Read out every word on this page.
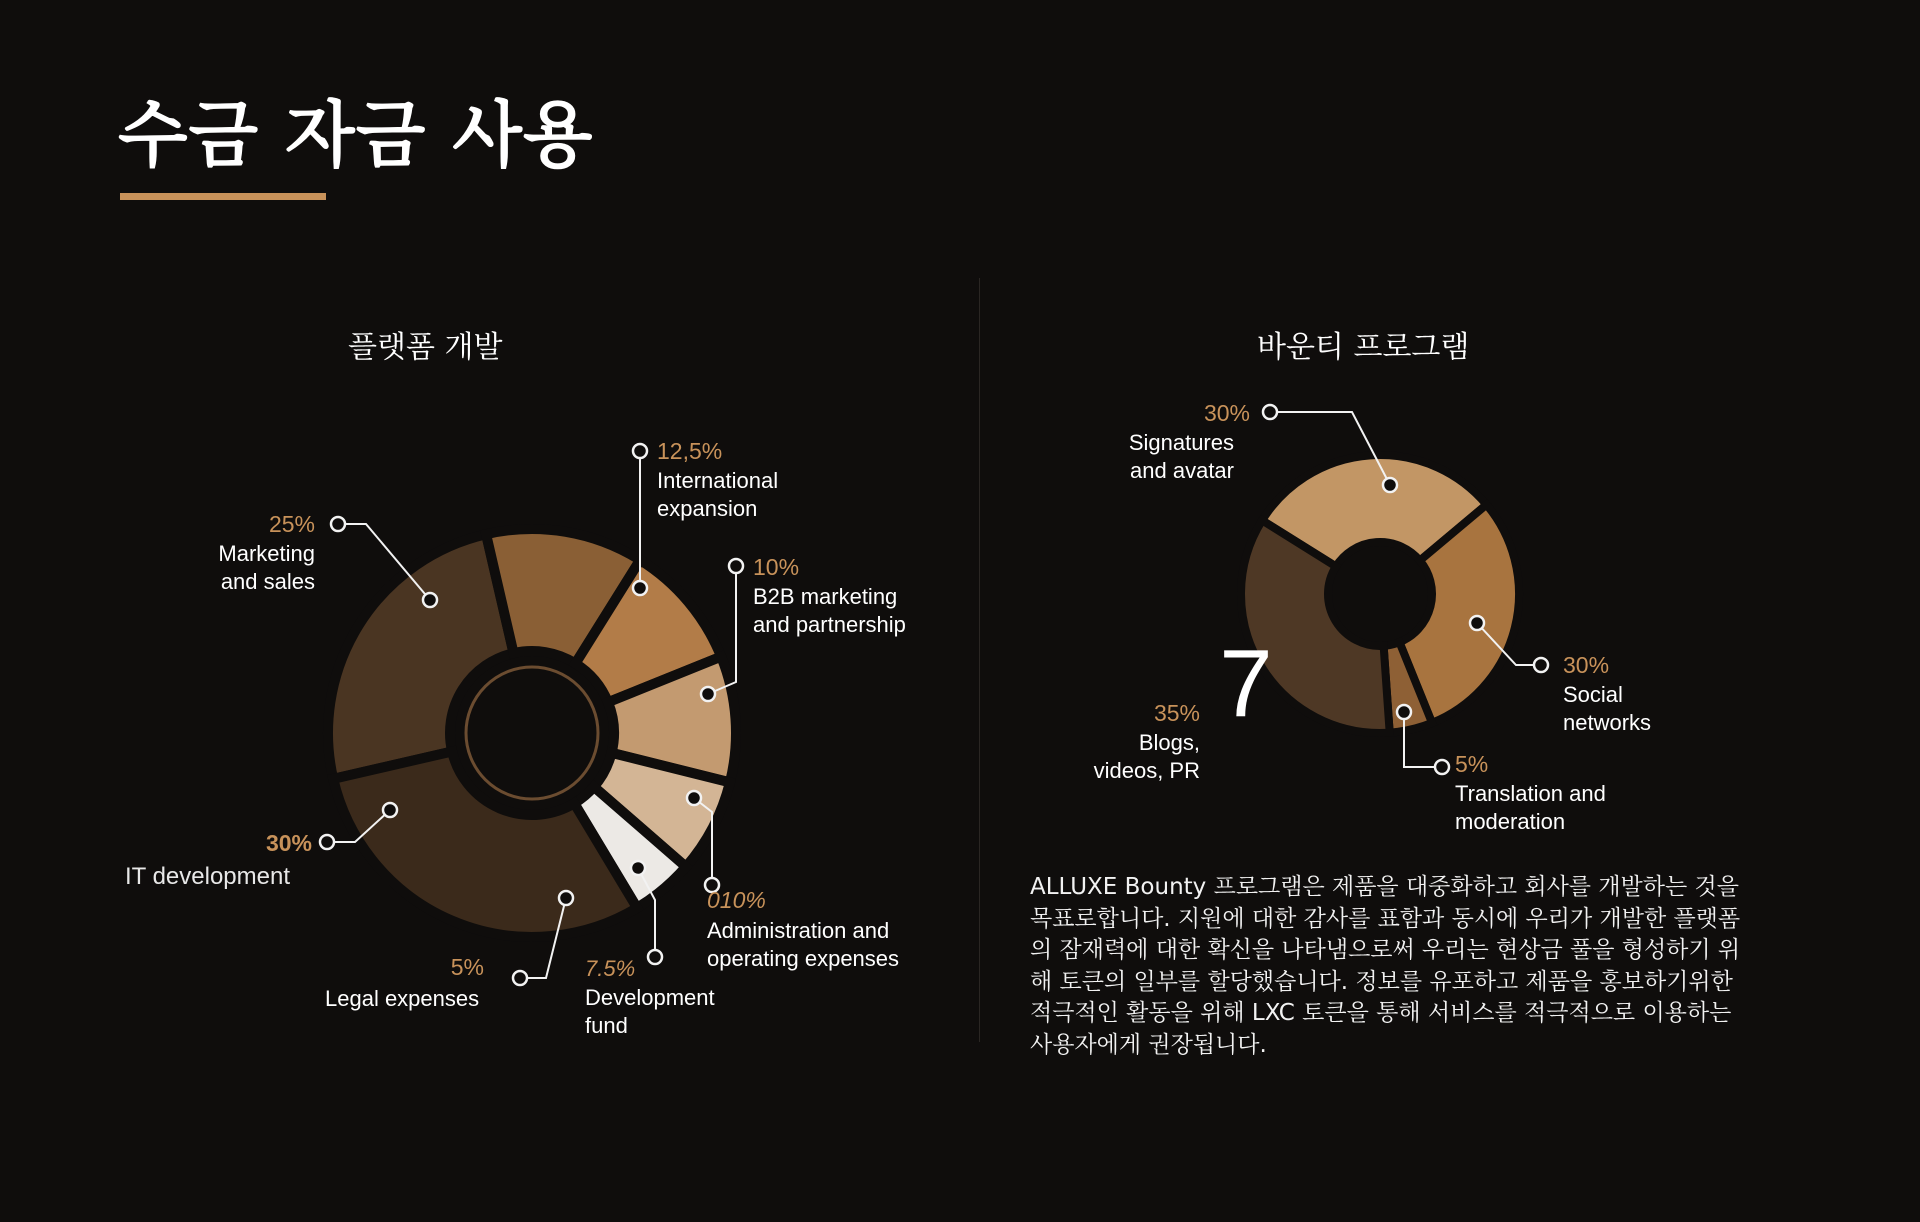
수금 자금 사용
플랫폼 개발	바운티 프로그램
25%
Marketing
and sales
12,5%
International
expansion
10%
B2B marketing
and partnership
010%
Administration and
operating expenses
7.5%
Development
fund
5%
Legal expenses
30%
IT development
30%
Signatures
and avatar
30%
Social
networks
5%
Translation and
moderation
35%
Blogs,
videos, PR
7

ALLUXE Bounty 프로그램은 제품을 대중화하고 회사를 개발하는 것을 목표로합니다. 지원에 대한 감사를 표함과 동시에 우리가 개발한 플랫폼의 잠재력에 대한 확신을 나타냄으로써 우리는 현상금 풀을 형성하기 위해 토큰의 일부를 할당했습니다. 정보를 유포하고 제품을 홍보하기위한 적극적인 활동을 위해 LXC 토큰을 통해 서비스를 적극적으로 이용하는 사용자에게 권장됩니다.
